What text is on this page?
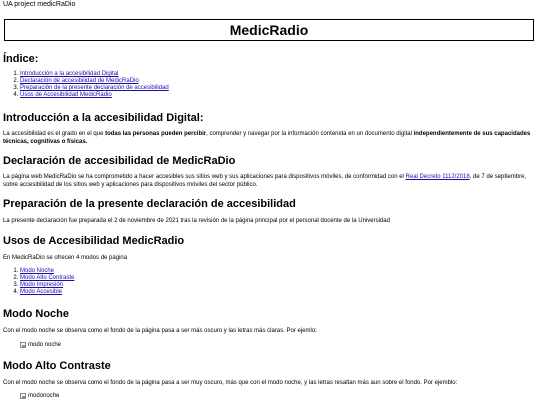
UA project medicRaDio
MedicRadio
Índice:
1. Introducción a la accesibilidad Digital
2. Declaración de accesibilidad de MedicRaDio
3. Preparación de la presente declaración de accesibilidad
4. Usos de Accesibilidad MedicRadio
Introducción a la accesibilidad Digital:

La accesibilidad es el grado en el que todas las personas pueden percibir, comprender y navegar por la información contenida en un documento digital independientemente de sus capacidades técnicas, cognitivas o físicas.

Declaración de accesibilidad de MedicRaDio

La página web MedicRaDio se ha comprometido a hacer accesibles sus sitios web y sus aplicaciones para dispositivos móviles, de conformidad con el Real Decreto 1112/2018, de 7 de septiembre, sobre accesibilidad de los sitios web y aplicaciones para dispositivos móviles del sector público.

Preparación de la presente declaración de accesibilidad

La presente declaración fue preparada el 2 de noviembre de 2021 tras la revisión de la página principal por el personal docente de la Universidad

Usos de Accesibilidad MedicRadio

En MedicRaDio se ofrecen 4 modos de página

1. Modo Noche
2. Modo Alto Contraste
3. Modo Impresión
4. Modo Accesible
Modo Noche

Con el modo noche se observa como el fondo de la página pasa a ser más oscuro y las letras más claras. Por ejemlo:

modo noche
Modo Alto Contraste

Con el modo noche se observa como el fondo de la página pasa a ser muy oscuro, más que con el modo noche, y las letras resaltan más aun sobre el fondo. Por ejemblo:

modonoche
